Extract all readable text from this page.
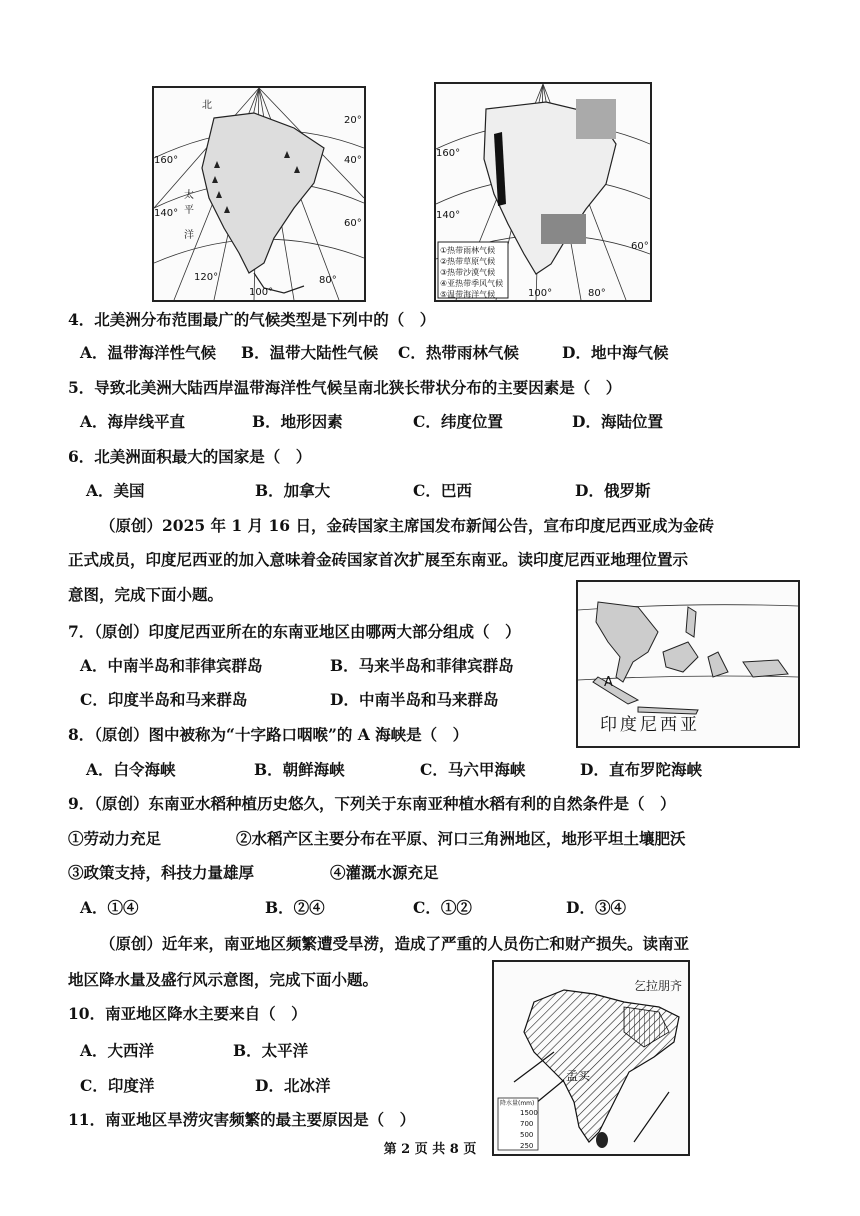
北
太
平
洋
160°
140°
120°
100°
80°
20°
40°
60°
①热带雨林气候
②热带草原气候
③热带沙漠气候
④亚热带季风气候
⑤温带海洋气候
160°
140°
100°	80°
60°
4．北美洲分布范围最广的气候类型是下列中的（　）
A．温带海洋性气候 B．温带大陆性气候 C．热带雨林气候	D．地中海气候
5．导致北美洲大陆西岸温带海洋性气候呈南北狭长带状分布的主要因素是（　）
A．海岸线平直	B．地形因素	C．纬度位置	D．海陆位置
6．北美洲面积最大的国家是（　）
A．美国	B．加拿大	C．巴西	D．俄罗斯
（原创）2025 年 1 月 16 日，金砖国家主席国发布新闻公告，宣布印度尼西亚成为金砖
正式成员，印度尼西亚的加入意味着金砖国家首次扩展至东南亚。读印度尼西亚地理位置示
意图，完成下面小题。
A
印度尼西亚
7．（原创）印度尼西亚所在的东南亚地区由哪两大部分组成（　）
A．中南半岛和菲律宾群岛	B．马来半岛和菲律宾群岛
C．印度半岛和马来群岛	D．中南半岛和马来群岛
8．（原创）图中被称为“十字路口咽喉”的 A 海峡是（　）
A．白令海峡	B．朝鲜海峡	C．马六甲海峡	D．直布罗陀海峡
9．（原创）东南亚水稻种植历史悠久，下列关于东南亚种植水稻有利的自然条件是（　）
①劳动力充足	②水稻产区主要分布在平原、河口三角洲地区，地形平坦土壤肥沃
③政策支持，科技力量雄厚	④灌溉水源充足
A．①④	B．②④	C．①②	D．③④
（原创）近年来，南亚地区频繁遭受旱涝，造成了严重的人员伤亡和财产损失。读南亚
地区降水量及盛行风示意图，完成下面小题。	乞拉朋齐
孟买
降水量(mm)
1500
700
500
250
10．南亚地区降水主要来自（　）
A．大西洋	B．太平洋
C．印度洋	D．北冰洋
11．南亚地区旱涝灾害频繁的最主要原因是（　）
第 2 页 共 8 页
